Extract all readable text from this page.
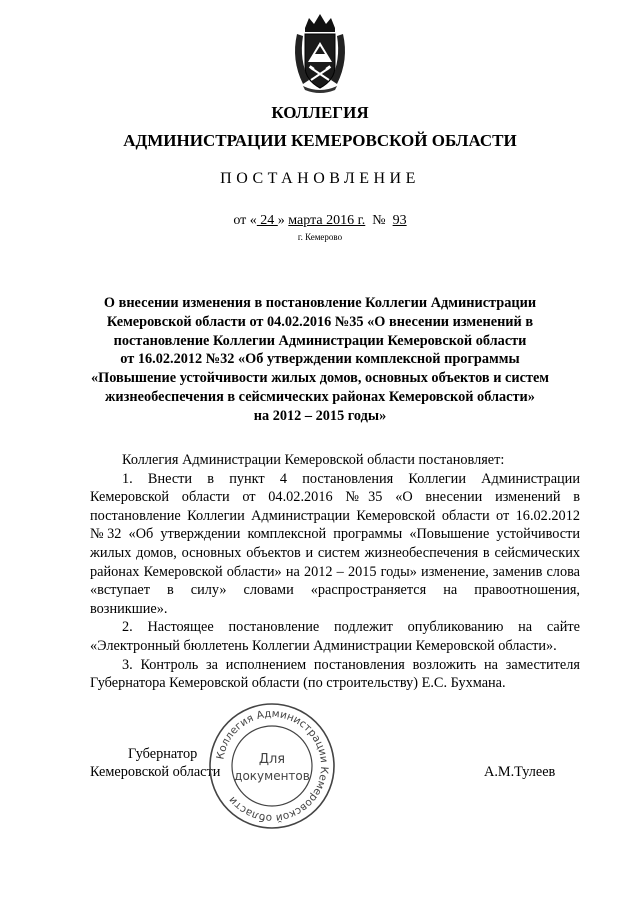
КОЛЛЕГИЯ
АДМИНИСТРАЦИИ КЕМЕРОВСКОЙ ОБЛАСТИ
ПОСТАНОВЛЕНИЕ
от « 24 » марта 2016 г.  №  93
г. Кемерово
О внесении изменения в постановление Коллегии Администрации
Кемеровской области от 04.02.2016 №35 «О внесении изменений в
постановление Коллегии Администрации Кемеровской области
от 16.02.2012 №32 «Об утверждении комплексной программы
«Повышение устойчивости жилых домов, основных объектов и систем
жизнеобеспечения в сейсмических районах Кемеровской области»
на 2012 – 2015 годы»

Коллегия Администрации Кемеровской области постановляет:

1. Внести в пункт 4 постановления Коллегии Администрации Кемеровской области от 04.02.2016 №35 «О внесении изменений в постановление Коллегии Администрации Кемеровской области от 16.02.2012 №32 «Об утверждении комплексной программы «Повышение устойчивости жилых домов, основных объектов и систем жизнеобеспечения в сейсмических районах Кемеровской области» на 2012 – 2015 годы» изменение, заменив слова «вступает в силу» словами «распространяется на правоотношения, возникшие».

2. Настоящее постановление подлежит опубликованию на сайте «Электронный бюллетень Коллегии Администрации Кемеровской области».

3. Контроль за исполнением постановления возложить на заместителя Губернатора Кемеровской области (по строительству) Е.С. Бухмана.

Губернатор
Кемеровской области	А.М.Тулеев
Коллегия Администрации Кемеровской области
Для
документов
